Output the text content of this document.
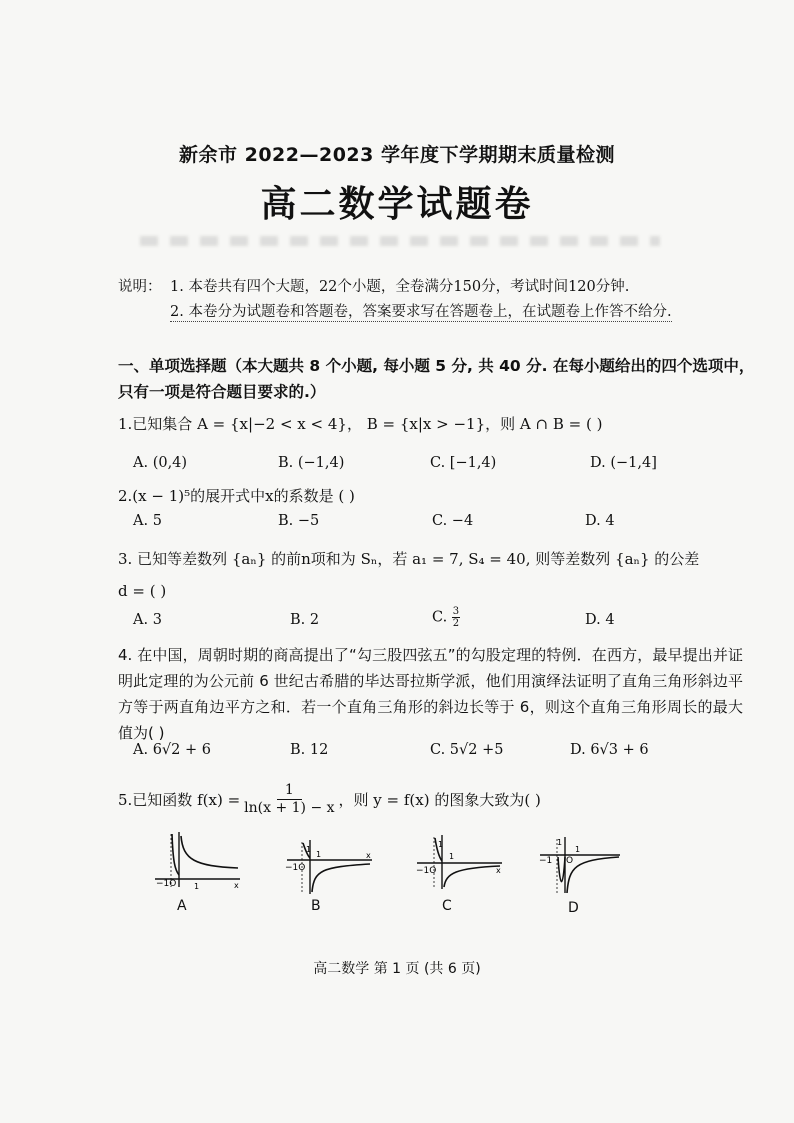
新余市 2022—2023 学年度下学期期末质量检测
高二数学试题卷
说明： 1. 本卷共有四个大题，22个小题，全卷满分150分，考试时间120分钟.
2. 本卷分为试题卷和答题卷，答案要求写在答题卷上，在试题卷上作答不给分.
一、单项选择题（本大题共 8 个小题, 每小题 5 分, 共 40 分. 在每小题给出的四个选项中，
只有一项是符合题目要求的.）
1.已知集合 A = {x|−2 < x < 4}， B = {x|x > −1}，则 A ∩ B = ( )
A. (0,4)	B. (−1,4)	C. [−1,4)	D. (−1,4]
2.(x − 1)⁵的展开式中x的系数是 ( )
A. 5	B. −5	C. −4	D. 4
3. 已知等差数列 {aₙ} 的前n项和为 Sₙ，若 a₁ = 7, S₄ = 40, 则等差数列 {aₙ} 的公差
d = ( )
A. 3	B. 2	C. $\frac{3}{2}$	D. 4
4. 在中国，周朝时期的商高提出了“勾三股四弦五”的勾股定理的特例．在西方，最早提出并证明此定理的为公元前 6 世纪古希腊的毕达哥拉斯学派，他们用演绎法证明了直角三角形斜边平方等于两直角边平方之和．若一个直角三角形的斜边长等于 6，则这个直角三角形周长的最大值为( )
A. 6√2 + 6	B. 12	C. 5√2 +5	D. 6√3 + 6
5.已知函数 $f(x) = \frac{1}{\ln(x + 1) - x}$ ，则 y = f(x) 的图象大致为( )
−1O 1	x
1
−1O
1	x
1
−1O
1
x
1
−1 O
1
A	B	C	D
高二数学 第 1 页 (共 6 页)
